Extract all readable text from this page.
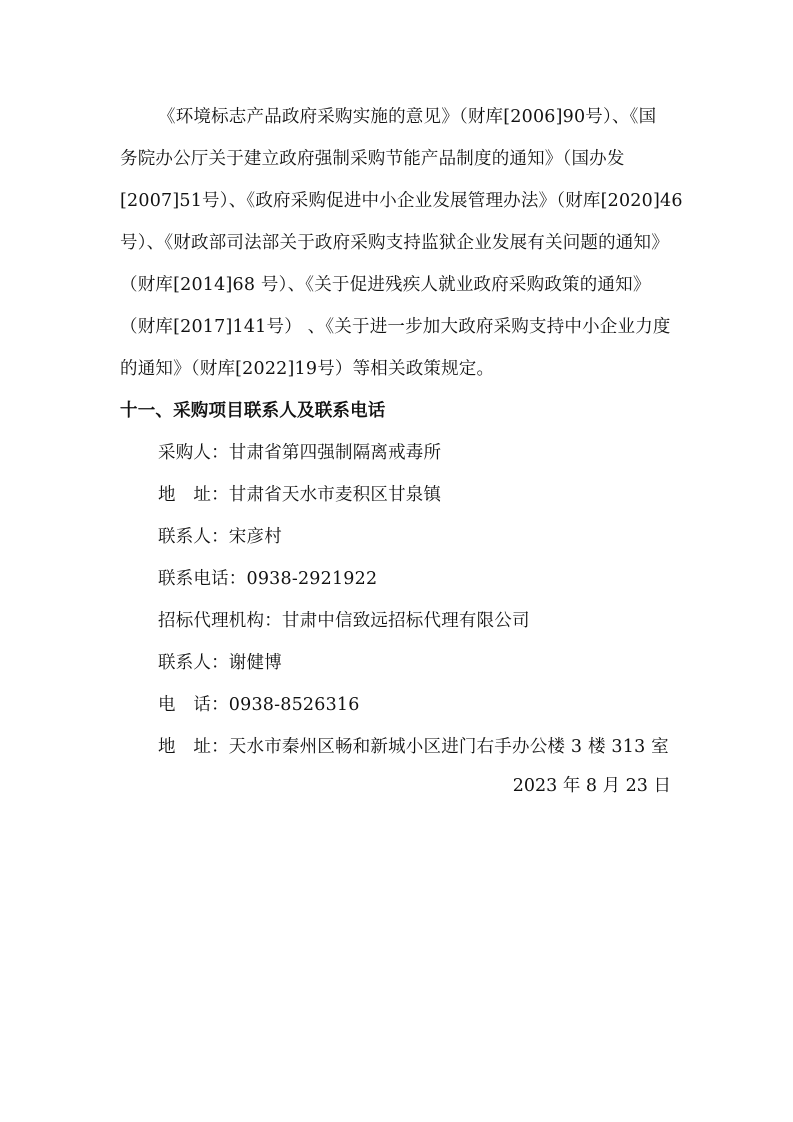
《环境标志产品政府采购实施的意见》（财库[2006]90号）、《国
务院办公厅关于建立政府强制采购节能产品制度的通知》（国办发
[2007]51号）、《政府采购促进中小企业发展管理办法》（财库[2020]46
号）、《财政部司法部关于政府采购支持监狱企业发展有关问题的通知》
（财库[2014]68 号）、《关于促进残疾人就业政府采购政策的通知》
（财库[2017]141号） 、《关于进一步加大政府采购支持中小企业力度
的通知》（财库[2022]19号）等相关政策规定。
十一、采购项目联系人及联系电话
采购人：甘肃省第四强制隔离戒毒所
地　址：甘肃省天水市麦积区甘泉镇
联系人：宋彦村
联系电话：0938-2921922
招标代理机构：甘肃中信致远招标代理有限公司
联系人：谢健博
电　话：0938-8526316
地　址：天水市秦州区畅和新城小区进门右手办公楼 3 楼 313 室
2023 年 8 月 23 日
